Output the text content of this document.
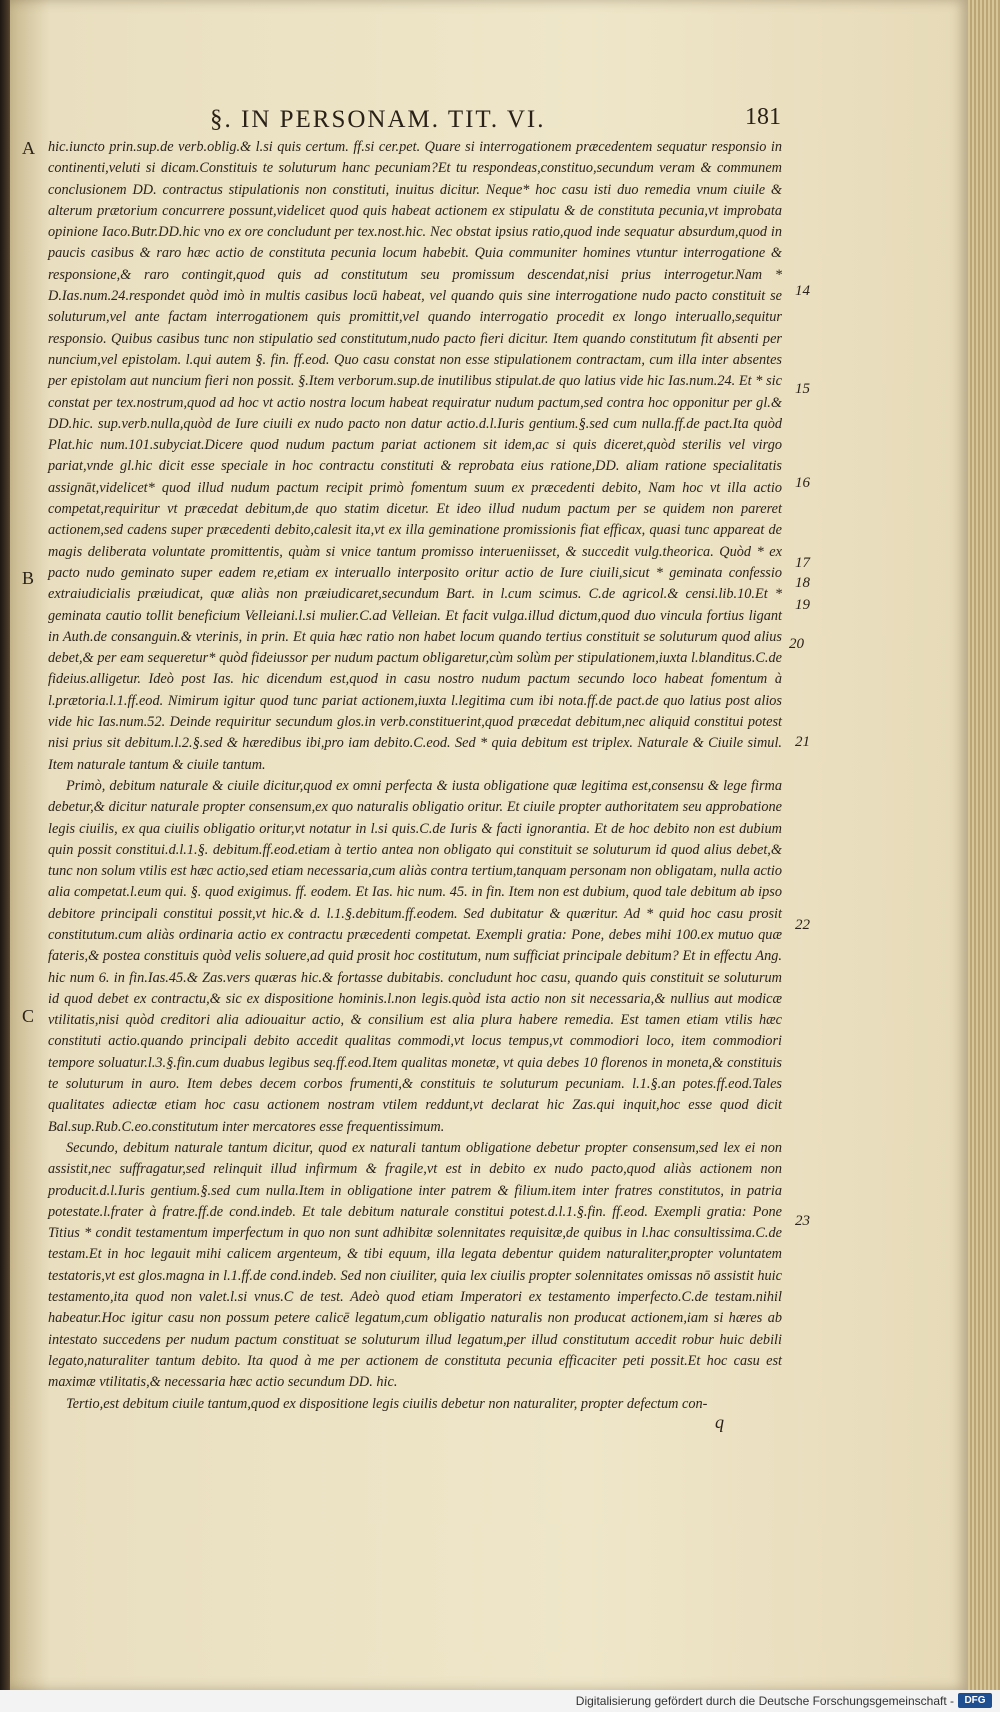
§. IN PERSONAM. TIT. VI.	181
A
B
C
14
15
16
17
18
19
20
21
22
23

hic.iuncto prin.sup.de verb.oblig.& l.si quis certum. ff.si cer.pet. Quare si interrogationem præcedentem sequatur responsio in continenti,veluti si dicam.Constituis te soluturum hanc pecuniam?Et tu respondeas,constituo,secundum veram & communem conclusionem DD. contractus stipulationis non constituti, inuitus dicitur. Neque* hoc casu isti duo remedia vnum ciuile & alterum prætorium concurrere possunt,videlicet quod quis habeat actionem ex stipulatu & de constituta pecunia,vt improbata opinione Iaco.Butr.DD.hic vno ex ore concludunt per tex.nost.hic. Nec obstat ipsius ratio,quod inde sequatur absurdum,quod in paucis casibus & raro hæc actio de constituta pecunia locum habebit. Quia communiter homines vtuntur interrogatione & responsione,& raro contingit,quod quis ad constitutum seu promissum descendat,nisi prius interrogetur.Nam * D.Ias.num.24.respondet quòd imò in multis casibus locū habeat, vel quando quis sine interrogatione nudo pacto constituit se soluturum,vel ante factam interrogationem quis promittit,vel quando interrogatio procedit ex longo interuallo,sequitur responsio. Quibus casibus tunc non stipulatio sed constitutum,nudo pacto fieri dicitur. Item quando constitutum fit absenti per nuncium,vel epistolam. l.qui autem §. fin. ff.eod. Quo casu constat non esse stipulationem contractam, cum illa inter absentes per epistolam aut nuncium fieri non possit. §.Item verborum.sup.de inutilibus stipulat.de quo latius vide hic Ias.num.24. Et * sic constat per tex.nostrum,quod ad hoc vt actio nostra locum habeat requiratur nudum pactum,sed contra hoc opponitur per gl.& DD.hic. sup.verb.nulla,quòd de Iure ciuili ex nudo pacto non datur actio.d.l.Iuris gentium.§.sed cum nulla.ff.de pact.Ita quòd Plat.hic num.101.subyciat.Dicere quod nudum pactum pariat actionem sit idem,ac si quis diceret,quòd sterilis vel virgo pariat,vnde gl.hic dicit esse speciale in hoc contractu constituti & reprobata eius ratione,DD. aliam ratione specialitatis assignāt,videlicet* quod illud nudum pactum recipit primò fomentum suum ex præcedenti debito, Nam hoc vt illa actio competat,requiritur vt præcedat debitum,de quo statim dicetur. Et ideo illud nudum pactum per se quidem non pareret actionem,sed cadens super præcedenti debito,calesit ita,vt ex illa geminatione promissionis fiat efficax, quasi tunc appareat de magis deliberata voluntate promittentis, quàm si vnice tantum promisso interueniisset, & succedit vulg.theorica. Quòd * ex pacto nudo geminato super eadem re,etiam ex interuallo interposito oritur actio de Iure ciuili,sicut * geminata confessio extraiudicialis præiudicat, quæ aliàs non præiudicaret,secundum Bart. in l.cum scimus. C.de agricol.& censi.lib.10.Et * geminata cautio tollit beneficium Velleiani.l.si mulier.C.ad Velleian. Et facit vulga.illud dictum,quod duo vincula fortius ligant in Auth.de consanguin.& vterinis, in prin. Et quia hæc ratio non habet locum quando tertius constituit se soluturum quod alius debet,& per eam sequeretur* quòd fideiussor per nudum pactum obligaretur,cùm solùm per stipulationem,iuxta l.blanditus.C.de fideius.alligetur. Ideò post Ias. hic dicendum est,quod in casu nostro nudum pactum secundo loco habeat fomentum à l.prætoria.l.1.ff.eod. Nimirum igitur quod tunc pariat actionem,iuxta l.legitima cum ibi nota.ff.de pact.de quo latius post alios vide hic Ias.num.52. Deinde requiritur secundum glos.in verb.constituerint,quod præcedat debitum,nec aliquid constitui potest nisi prius sit debitum.l.2.§.sed & hæredibus ibi,pro iam debito.C.eod. Sed * quia debitum est triplex. Naturale & Ciuile simul. Item naturale tantum & ciuile tantum.

Primò, debitum naturale & ciuile dicitur,quod ex omni perfecta & iusta obligatione quæ legitima est,consensu & lege firma debetur,& dicitur naturale propter consensum,ex quo naturalis obligatio oritur. Et ciuile propter authoritatem seu approbatione legis ciuilis, ex qua ciuilis obligatio oritur,vt notatur in l.si quis.C.de Iuris & facti ignorantia. Et de hoc debito non est dubium quin possit constitui.d.l.1.§. debitum.ff.eod.etiam à tertio antea non obligato qui constituit se soluturum id quod alius debet,& tunc non solum vtilis est hæc actio,sed etiam necessaria,cum aliàs contra tertium,tanquam personam non obligatam, nulla actio alia competat.l.eum qui. §. quod exigimus. ff. eodem. Et Ias. hic num. 45. in fin. Item non est dubium, quod tale debitum ab ipso debitore principali constitui possit,vt hic.& d. l.1.§.debitum.ff.eodem. Sed dubitatur & quæritur. Ad * quid hoc casu prosit constitutum.cum aliàs ordinaria actio ex contractu præcedenti competat. Exempli gratia: Pone, debes mihi 100.ex mutuo quæ fateris,& postea constituis quòd velis soluere,ad quid prosit hoc costitutum, num sufficiat principale debitum? Et in effectu Ang. hic num 6. in fin.Ias.45.& Zas.vers quæras hic.& fortasse dubitabis. concludunt hoc casu, quando quis constituit se soluturum id quod debet ex contractu,& sic ex dispositione hominis.l.non legis.quòd ista actio non sit necessaria,& nullius aut modicæ vtilitatis,nisi quòd creditori alia adiouaitur actio, & consilium est alia plura habere remedia. Est tamen etiam vtilis hæc constituti actio.quando principali debito accedit qualitas commodi,vt locus tempus,vt commodiori loco, item commodiori tempore soluatur.l.3.§.fin.cum duabus legibus seq.ff.eod.Item qualitas monetæ, vt quia debes 10 florenos in moneta,& constituis te soluturum in auro. Item debes decem corbos frumenti,& constituis te soluturum pecuniam. l.1.§.an potes.ff.eod.Tales qualitates adiectæ etiam hoc casu actionem nostram vtilem reddunt,vt declarat hic Zas.qui inquit,hoc esse quod dicit Bal.sup.Rub.C.eo.constitutum inter mercatores esse frequentissimum.

Secundo, debitum naturale tantum dicitur, quod ex naturali tantum obligatione debetur propter consensum,sed lex ei non assistit,nec suffragatur,sed relinquit illud infirmum & fragile,vt est in debito ex nudo pacto,quod aliàs actionem non producit.d.l.Iuris gentium.§.sed cum nulla.Item in obligatione inter patrem & filium.item inter fratres constitutos, in patria potestate.l.frater à fratre.ff.de cond.indeb. Et tale debitum naturale constitui potest.d.l.1.§.fin. ff.eod. Exempli gratia: Pone Titius * condit testamentum imperfectum in quo non sunt adhibitæ solennitates requisitæ,de quibus in l.hac consultissima.C.de testam.Et in hoc legauit mihi calicem argenteum, & tibi equum, illa legata debentur quidem naturaliter,propter voluntatem testatoris,vt est glos.magna in l.1.ff.de cond.indeb. Sed non ciuiliter, quia lex ciuilis propter solennitates omissas nō assistit huic testamento,ita quod non valet.l.si vnus.C de test. Adeò quod etiam Imperatori ex testamento imperfecto.C.de testam.nihil habeatur.Hoc igitur casu non possum petere calicē legatum,cum obligatio naturalis non producat actionem,iam si hæres ab intestato succedens per nudum pactum constituat se soluturum illud legatum,per illud constitutum accedit robur huic debili legato,naturaliter tantum debito. Ita quod à me per actionem de constituta pecunia efficaciter peti possit.Et hoc casu est maximæ vtilitatis,& necessaria hæc actio secundum DD. hic.

Tertio,est debitum ciuile tantum,quod ex dispositione legis ciuilis debetur non naturaliter, propter defectum con-

q
Digitalisierung gefördert durch die Deutsche Forschungsgemeinschaft -	DFG
